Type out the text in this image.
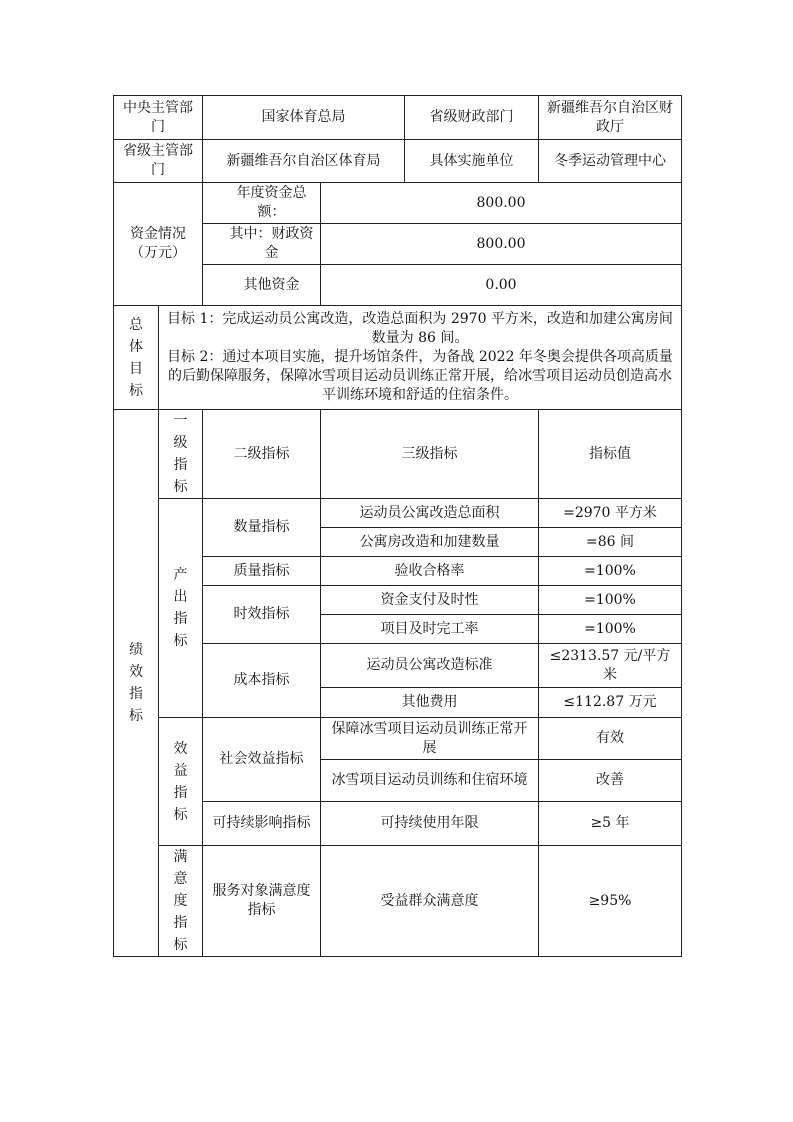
中央主管部门		国家体育总局		省级财政部门	新疆维吾尔自治区财政厅
省级主管部门		新疆维吾尔自治区体育局		具体实施单位	冬季运动管理中心
资金情况（万元）		年度资金总额：	800.00		
		其中：财政资金	800.00		
		其他资金	0.00		

总体目标	目标 1：完成运动员公寓改造，改造总面积为 2970 平方米，改造和加建公寓房间数量为 86 间。
目标 2：通过本项目实施，提升场馆条件，为备战 2022 年冬奥会提供各项高质量的后勤保障服务，保障冰雪项目运动员训练正常开展，给冰雪项目运动员创造高水平训练环境和舒适的住宿条件。				

绩效指标	一级指标	二级指标	三级指标		指标值

	产出指标	数量指标	运动员公寓改造总面积		=2970 平方米
			公寓房改造和加建数量		=86 间
		质量指标	验收合格率		=100%
		时效指标	资金支付及时性		=100%
			项目及时完工率		=100%
		成本指标	运动员公寓改造标准		≤2313.57 元/平方米
			其他费用		≤112.87 万元

	效益指标	社会效益指标	保障冰雪项目运动员训练正常开展		有效
			冰雪项目运动员训练和住宿环境		改善
		可持续影响指标	可持续使用年限		≥5 年

	满意度指标	服务对象满意度指标	受益群众满意度		≥95%
